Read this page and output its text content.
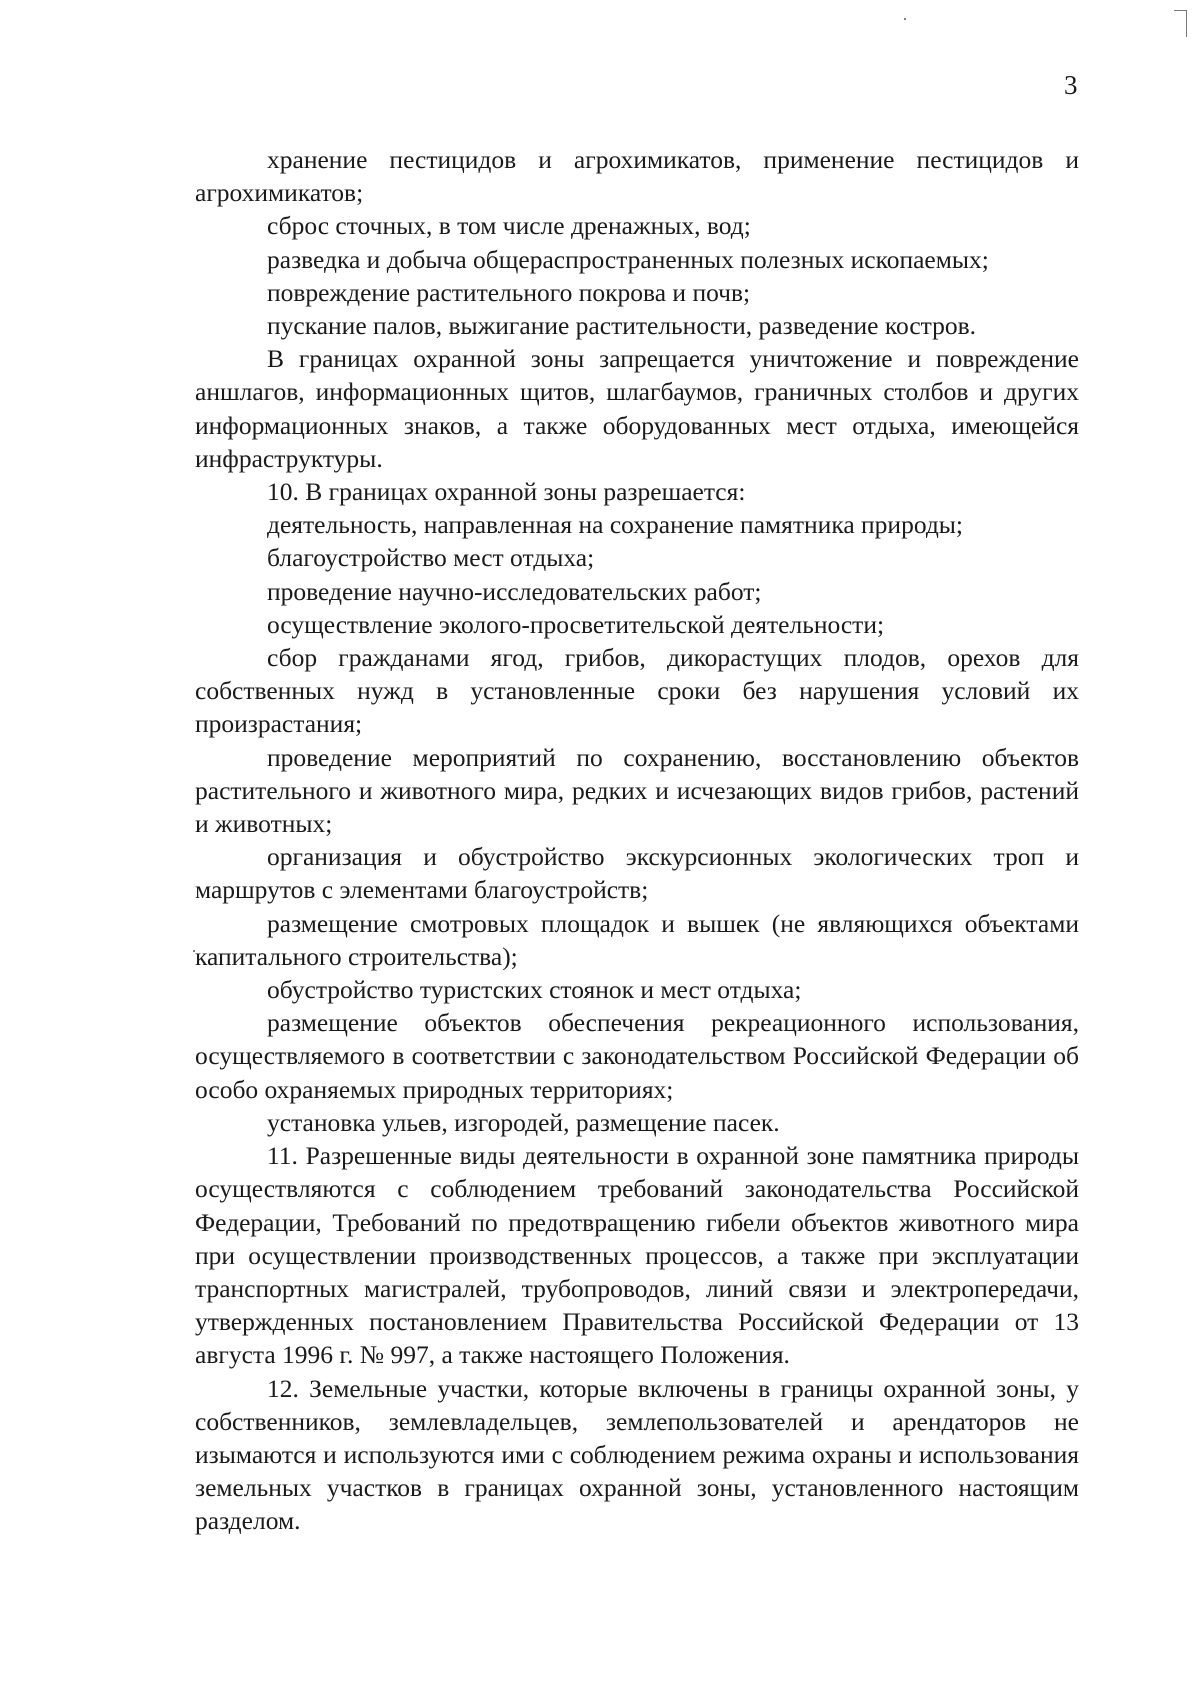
3

хранение пестицидов и агрохимикатов, применение пестицидов и агрохимикатов;

сброс сточных, в том числе дренажных, вод;

разведка и добыча общераспространенных полезных ископаемых;

повреждение растительного покрова и почв;

пускание палов, выжигание растительности, разведение костров.

В границах охранной зоны запрещается уничтожение и повреждение аншлагов, информационных щитов, шлагбаумов, граничных столбов и других информационных знаков, а также оборудованных мест отдыха, имеющейся инфраструктуры.

10. В границах охранной зоны разрешается:

деятельность, направленная на сохранение памятника природы;

благоустройство мест отдыха;

проведение научно-исследовательских работ;

осуществление эколого-просветительской деятельности;

сбор гражданами ягод, грибов, дикорастущих плодов, орехов для собственных нужд в установленные сроки без нарушения условий их произрастания;

проведение мероприятий по сохранению, восстановлению объектов растительного и животного мира, редких и исчезающих видов грибов, растений и животных;

организация и обустройство экскурсионных экологических троп и маршрутов с элементами благоустройств;

размещение смотровых площадок и вышек (не являющихся объектами капитального строительства);

обустройство туристских стоянок и мест отдыха;

размещение объектов обеспечения рекреационного использования, осуществляемого в соответствии с законодательством Российской Федерации об особо охраняемых природных территориях;

установка ульев, изгородей, размещение пасек.

11. Разрешенные виды деятельности в охранной зоне памятника природы осуществляются с соблюдением требований законодательства Российской Федерации, Требований по предотвращению гибели объектов животного мира при осуществлении производственных процессов, а также при эксплуатации транспортных магистралей, трубопроводов, линий связи и электропередачи, утвержденных постановлением Правительства Российской Федерации от 13 августа 1996 г. № 997, а также настоящего Положения.

12. Земельные участки, которые включены в границы охранной зоны, у собственников, землевладельцев, землепользователей и арендаторов не изымаются и используются ими с соблюдением режима охраны и использования земельных участков в границах охранной зоны, установленного настоящим разделом.
